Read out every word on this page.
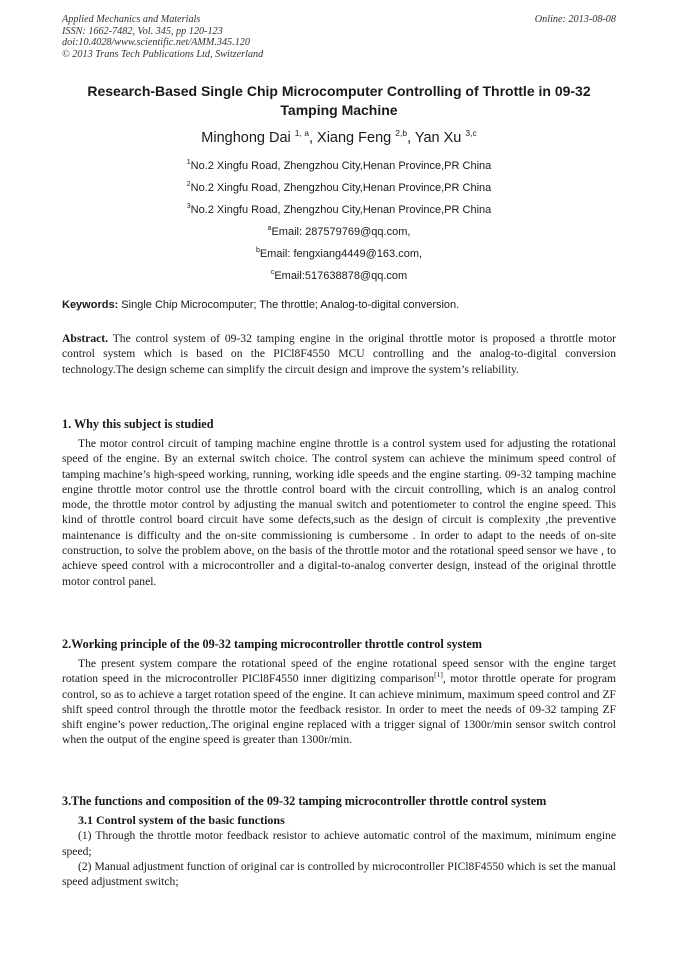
Applied Mechanics and Materials
ISSN: 1662-7482, Vol. 345, pp 120-123
doi:10.4028/www.scientific.net/AMM.345.120
© 2013 Trans Tech Publications Ltd, Switzerland
Online: 2013-08-08
Research-Based Single Chip Microcomputer Controlling of Throttle in 09-32 Tamping Machine
Minghong Dai $^{1, a}$, Xiang Feng $^{2,b}$, Yan Xu $^{3,c}$
$^1$No.2 Xingfu Road, Zhengzhou City,Henan Province,PR China
$^2$No.2 Xingfu Road, Zhengzhou City,Henan Province,PR China
$^3$No.2 Xingfu Road, Zhengzhou City,Henan Province,PR China
$^a$Email: 287579769@qq.com,
$^b$Email: fengxiang4449@163.com,
$^c$Email:517638878@qq.com
Keywords: Single Chip Microcomputer; The throttle; Analog-to-digital conversion.
Abstract. The control system of 09-32 tamping engine in the original throttle motor is proposed a throttle motor control system which is based on the PICl8F4550 MCU controlling and the analog-to-digital conversion technology.The design scheme can simplify the circuit design and improve the system’s reliability.
1. Why this subject is studied

The motor control circuit of tamping machine engine throttle is a control system used for adjusting the rotational speed of the engine. By an external switch choice. The control system can achieve the minimum speed control of tamping machine’s high-speed working, running, working idle speeds and the engine starting. 09-32 tamping machine engine throttle motor control use the throttle control board with the circuit controlling, which is an analog control mode, the throttle motor control by adjusting the manual switch and potentiometer to control the engine speed. This kind of throttle control board circuit have some defects,such as the design of circuit is complexity ,the preventive maintenance is difficulty and the on-site commissioning is cumbersome . In order to adapt to the needs of on-site construction, to solve the problem above, on the basis of the throttle motor and the rotational speed sensor we have , to achieve speed control with a microcontroller and a digital-to-analog converter design, instead of the original throttle motor control panel.

2.Working principle of the 09-32 tamping microcontroller throttle control system

The present system compare the rotational speed of the engine rotational speed sensor with the engine target rotation speed in the microcontroller PICl8F4550 inner digitizing comparison[1], motor throttle operate for program control, so as to achieve a target rotation speed of the engine. It can achieve minimum, maximum speed control and ZF shift speed control through the throttle motor the feedback resistor. In order to meet the needs of 09-32 tamping ZF shift engine’s power reduction,.The original engine replaced with a trigger signal of 1300r/min sensor switch control when the output of the engine speed is greater than 1300r/min.

3.The functions and composition of the 09-32 tamping microcontroller throttle control system
3.1 Control system of the basic functions

(1) Through the throttle motor feedback resistor to achieve automatic control of the maximum, minimum engine speed;

(2) Manual adjustment function of original car is controlled by microcontroller PICl8F4550 which is set the manual speed adjustment switch;
